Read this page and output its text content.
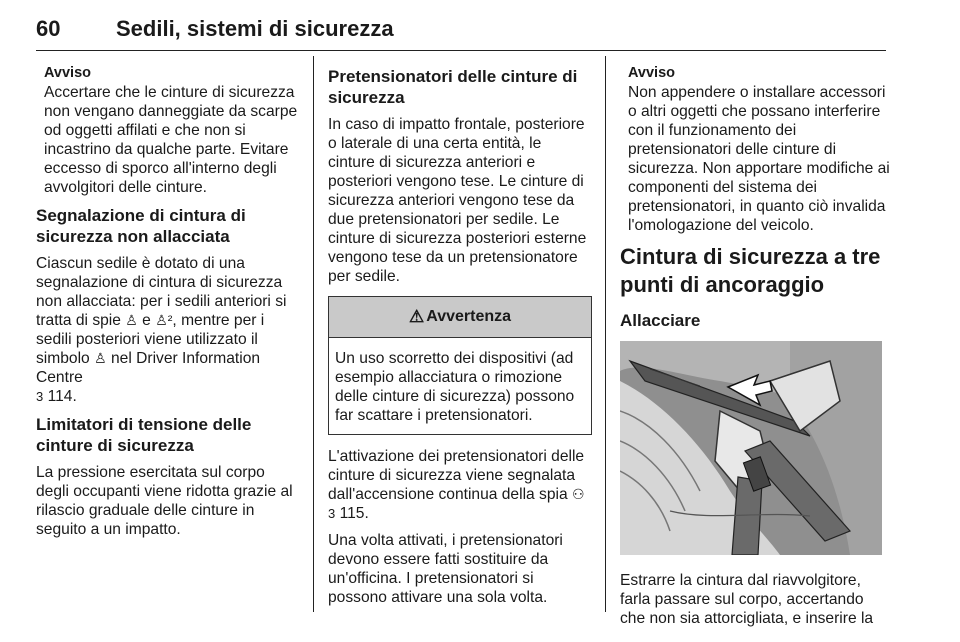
60	Sedili, sistemi di sicurezza
Avviso

Accertare che le cinture di sicurezza non vengano danneggiate da scarpe od oggetti affilati e che non si incastrino da qualche parte. Evitare eccesso di sporco all'interno degli avvolgitori delle cinture.

Segnalazione di cintura di sicurezza non allacciata

Ciascun sedile è dotato di una segnalazione di cintura di sicurezza non allacciata: per i sedili anteriori si tratta di spie ♙ e ♙², mentre per i sedili posteriori viene utilizzato il simbolo ♙ nel Driver Information Centre
3 114.

Limitatori di tensione delle cinture di sicurezza

La pressione esercitata sul corpo degli occupanti viene ridotta grazie al rilascio graduale delle cinture in seguito a un impatto.

Pretensionatori delle cinture di sicurezza

In caso di impatto frontale, posteriore o laterale di una certa entità, le cinture di sicurezza anteriori e posteriori vengono tese. Le cinture di sicurezza anteriori vengono tese da due pretensionatori per sedile. Le cinture di sicurezza posteriori esterne vengono tese da un pretensionatore per sedile.

⚠ Avvertenza

Un uso scorretto dei dispositivi (ad esempio allacciatura o rimozione delle cinture di sicurezza) possono far scattare i pretensionatori.

L'attivazione dei pretensionatori delle cinture di sicurezza viene segnalata dall'accensione continua della spia ⚇
3 115.

Una volta attivati, i pretensionatori devono essere fatti sostituire da un'officina. I pretensionatori si possono attivare una sola volta.

Avviso

Non appendere o installare accessori o altri oggetti che possano interferire con il funzionamento dei pretensionatori delle cinture di sicurezza. Non apportare modifiche ai componenti del sistema dei pretensionatori, in quanto ciò invalida l'omologazione del veicolo.

Cintura di sicurezza a tre punti di ancoraggio
Allacciare

Estrarre la cintura dal riavvolgitore, farla passare sul corpo, accertando che non sia attorcigliata, e inserire la
